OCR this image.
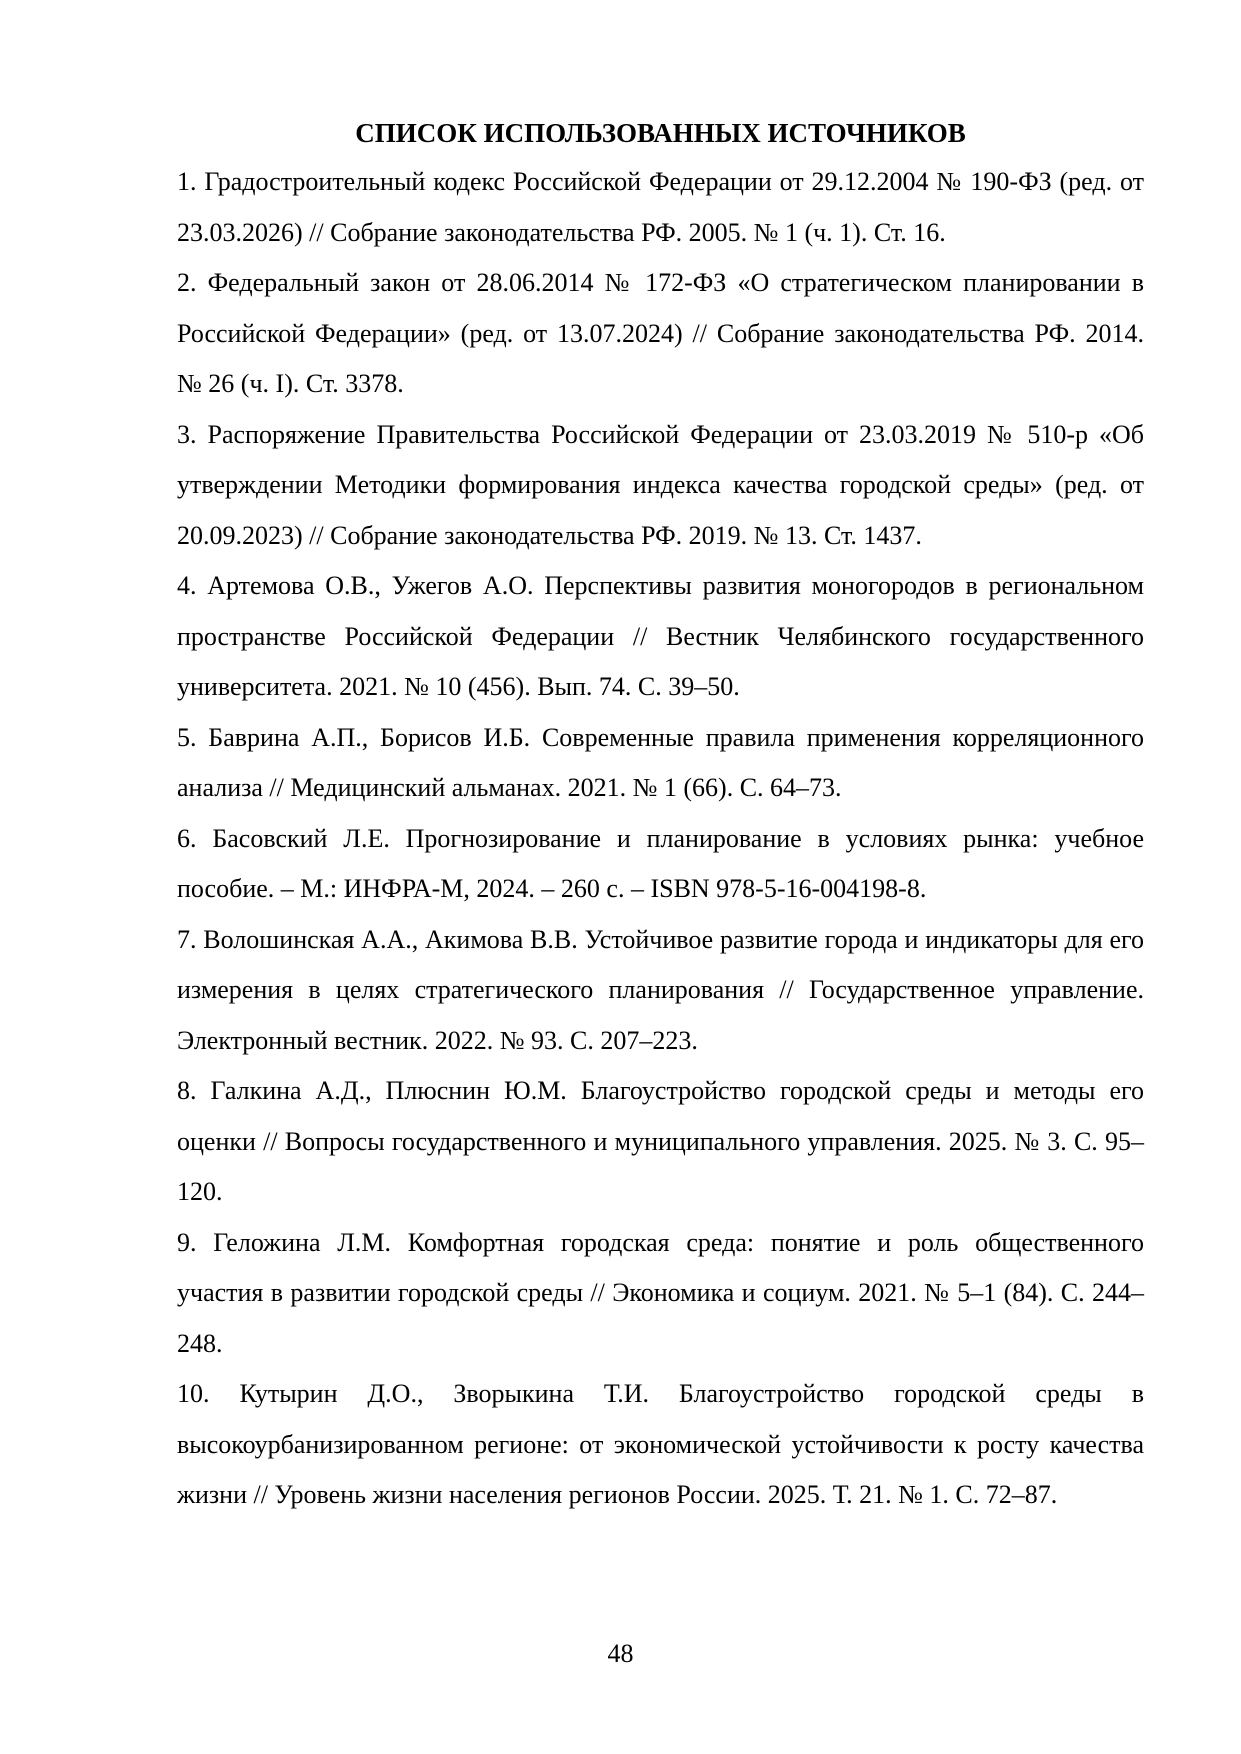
СПИСОК ИСПОЛЬЗОВАННЫХ ИСТОЧНИКОВ
1. Градостроительный кодекс Российской Федерации от 29.12.2004 № 190-ФЗ (ред. от 23.03.2026) // Собрание законодательства РФ. 2005. № 1 (ч. 1). Ст. 16.
2. Федеральный закон от 28.06.2014 № 172-ФЗ «О стратегическом планировании в Российской Федерации» (ред. от 13.07.2024) // Собрание законодательства РФ. 2014. № 26 (ч. I). Ст. 3378.
3. Распоряжение Правительства Российской Федерации от 23.03.2019 № 510-р «Об утверждении Методики формирования индекса качества городской среды» (ред. от 20.09.2023) // Собрание законодательства РФ. 2019. № 13. Ст. 1437.
4. Артемова О.В., Ужегов А.О. Перспективы развития моногородов в региональном пространстве Российской Федерации // Вестник Челябинского государственного университета. 2021. № 10 (456). Вып. 74. С. 39–50.
5. Баврина А.П., Борисов И.Б. Современные правила применения корреляционного анализа // Медицинский альманах. 2021. № 1 (66). С. 64–73.
6. Басовский Л.Е. Прогнозирование и планирование в условиях рынка: учебное пособие. – М.: ИНФРА-М, 2024. – 260 с. – ISBN 978-5-16-004198-8.
7. Волошинская А.А., Акимова В.В. Устойчивое развитие города и индикаторы для его измерения в целях стратегического планирования // Государственное управление. Электронный вестник. 2022. № 93. С. 207–223.
8. Галкина А.Д., Плюснин Ю.М. Благоустройство городской среды и методы его оценки // Вопросы государственного и муниципального управления. 2025. № 3. С. 95–120.
9. Геложина Л.М. Комфортная городская среда: понятие и роль общественного участия в развитии городской среды // Экономика и социум. 2021. № 5–1 (84). С. 244–248.
10. Кутырин Д.О., Зворыкина Т.И. Благоустройство городской среды в высокоурбанизированном регионе: от экономической устойчивости к росту качества жизни // Уровень жизни населения регионов России. 2025. Т. 21. № 1. С. 72–87.
48
